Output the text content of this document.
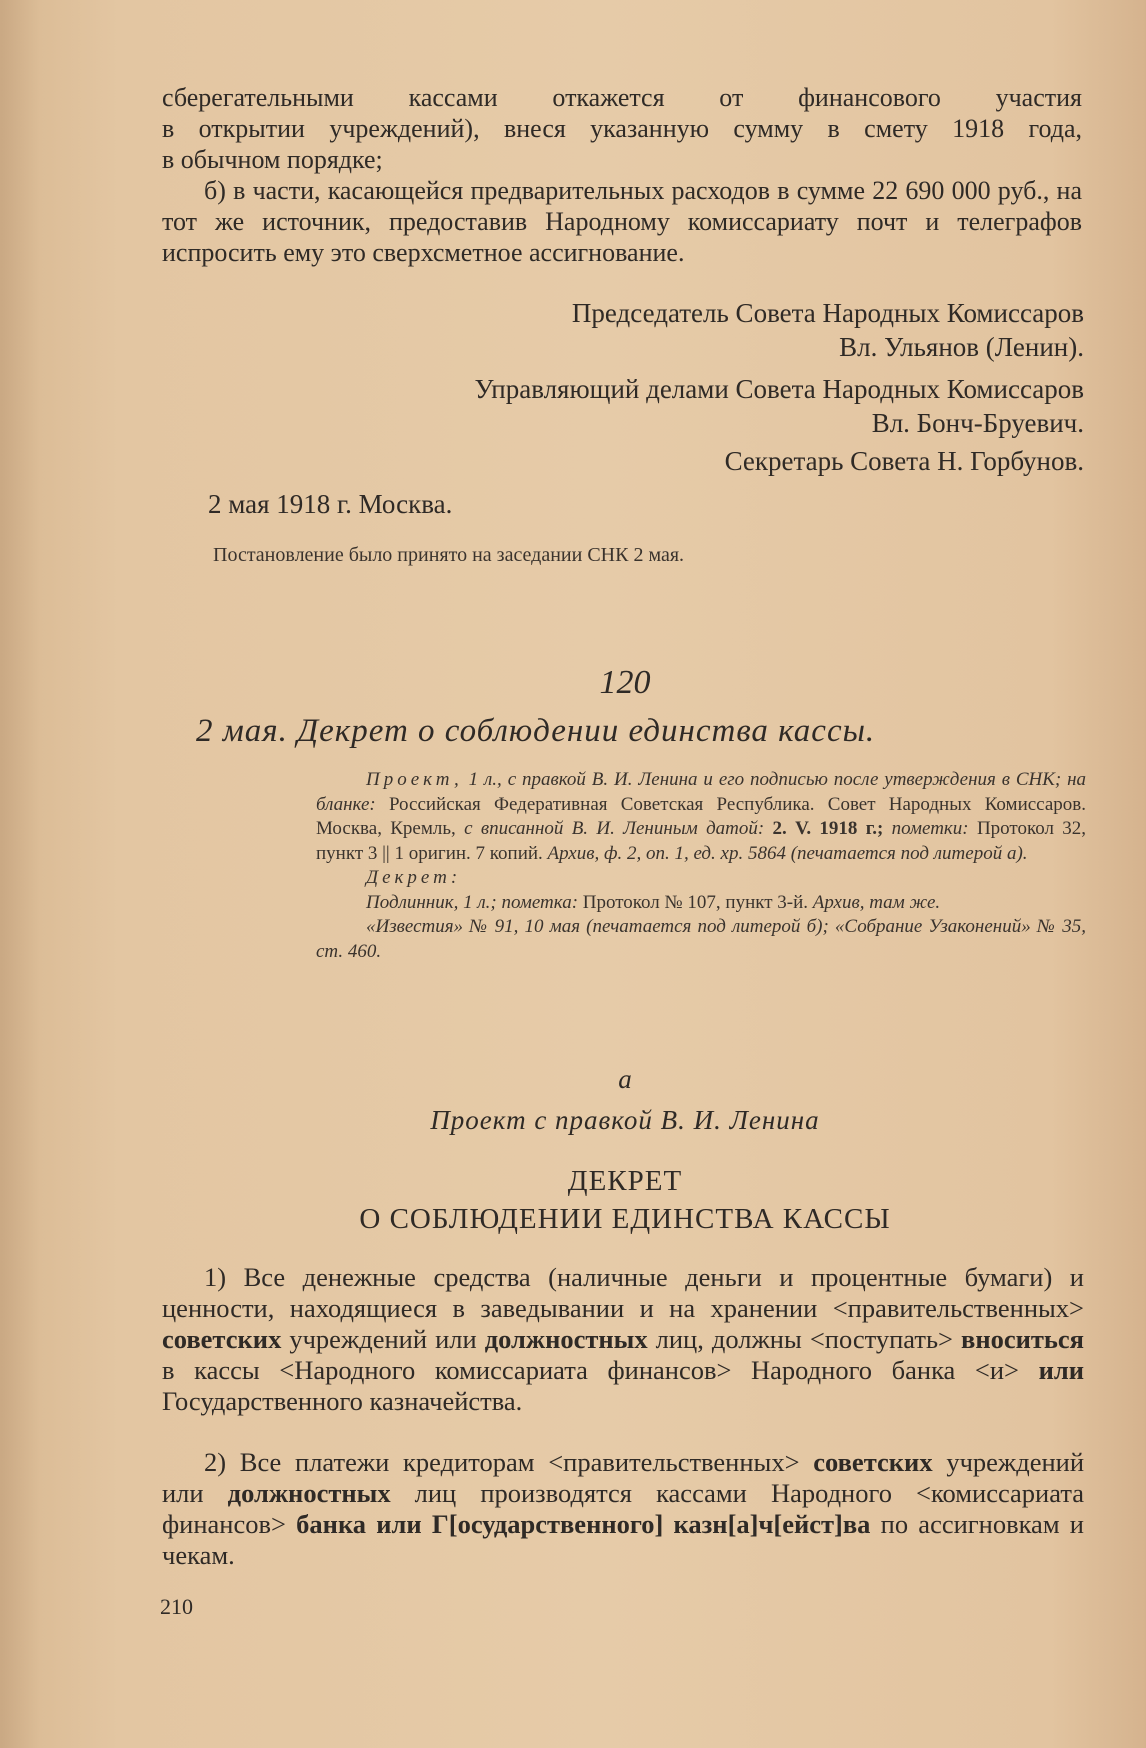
сберегательными кассами откажется от финансового участия
в открытии учреждений), внеся указанную сумму в смету 1918 года,
в обычном порядке;

б) в части, касающейся предварительных расходов в сумме 22 690 000 руб., на тот же источник, предоставив Народному комиссариату почт и телеграфов испросить ему это сверхсметное ассигнование.

Председатель Совета Народных Комиссаров
Вл. Ульянов (Ленин).
Управляющий делами Совета Народных Комиссаров
Вл. Бонч-Бруевич.
Секретарь Совета Н. Горбунов.
2 мая 1918 г. Москва.
Постановление было принято на заседании СНК 2 мая.
120
2 мая. Декрет о соблюдении единства кассы.
Проект, 1 л., с правкой В. И. Ленина и его подписью после утверждения в СНК; на бланке: Российская Федеративная Советская Республика. Совет Народных Комиссаров. Москва, Кремль, с вписанной В. И. Лениным датой: 2. V. 1918 г.; пометки: Протокол 32, пункт 3 || 1 оригин. 7 копий. Архив, ф. 2, оп. 1, ед. хр. 5864 (печатается под литерой а).
Декрет:
Подлинник, 1 л.; пометка: Протокол № 107, пункт 3-й. Архив, там же.
«Известия» № 91, 10 мая (печатается под литерой б); «Собрание Узаконений» № 35, ст. 460.
а
Проект с правкой В. И. Ленина
ДЕКРЕТ
О СОБЛЮДЕНИИ ЕДИНСТВА КАССЫ

1) Все денежные средства (наличные деньги и процентные бумаги) и ценности, находящиеся в заведывании и на хранении <правительственных> советских учреждений или должностных лиц, должны <поступать> вноситься в кассы <Народного комиссариата финансов> Народного банка <и> или Государственного казначейства.

2) Все платежи кредиторам <правительственных> советских учреждений или должностных лиц производятся кассами Народного <комиссариата финансов> банка или Г[осударственного] казн[а]ч[ейст]ва по ассигновкам и чекам.

210
